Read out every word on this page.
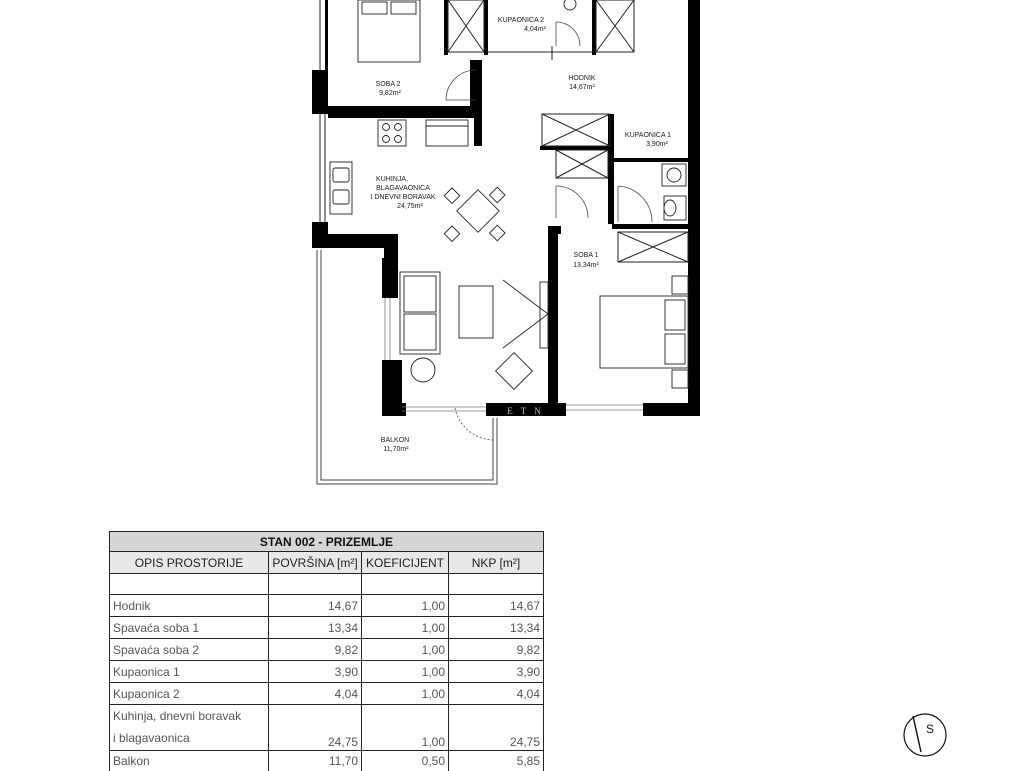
SOBA 2
9,82m²
KUPAONICA 2
4,04m²
HODNIK
14,67m²
KUPAONICA 1
3,90m²
KUHINJA,
BLAGAVAONICA
I DNEVNI BORAVAK
24,75m²
SOBA 1
13,34m²
BALKON
11,70m²
ETN
STAN 002 - PRIZEMLJE			
OPIS PROSTORIJE	POVRŠINA [m²]	KOEFICIJENT	NKP [m²]

Hodnik	14,67	1,00	14,67
Spavaća soba 1	13,34	1,00	13,34
Spavaća soba 2	9,82	1,00	9,82
Kupaonica 1	3,90	1,00	3,90
Kupaonica 2	4,04	1,00	4,04
Kuhinja, dnevni boravak
i blagavaonica	24,75	1,00	24,75
Balkon	11,70	0,50	5,85
S
